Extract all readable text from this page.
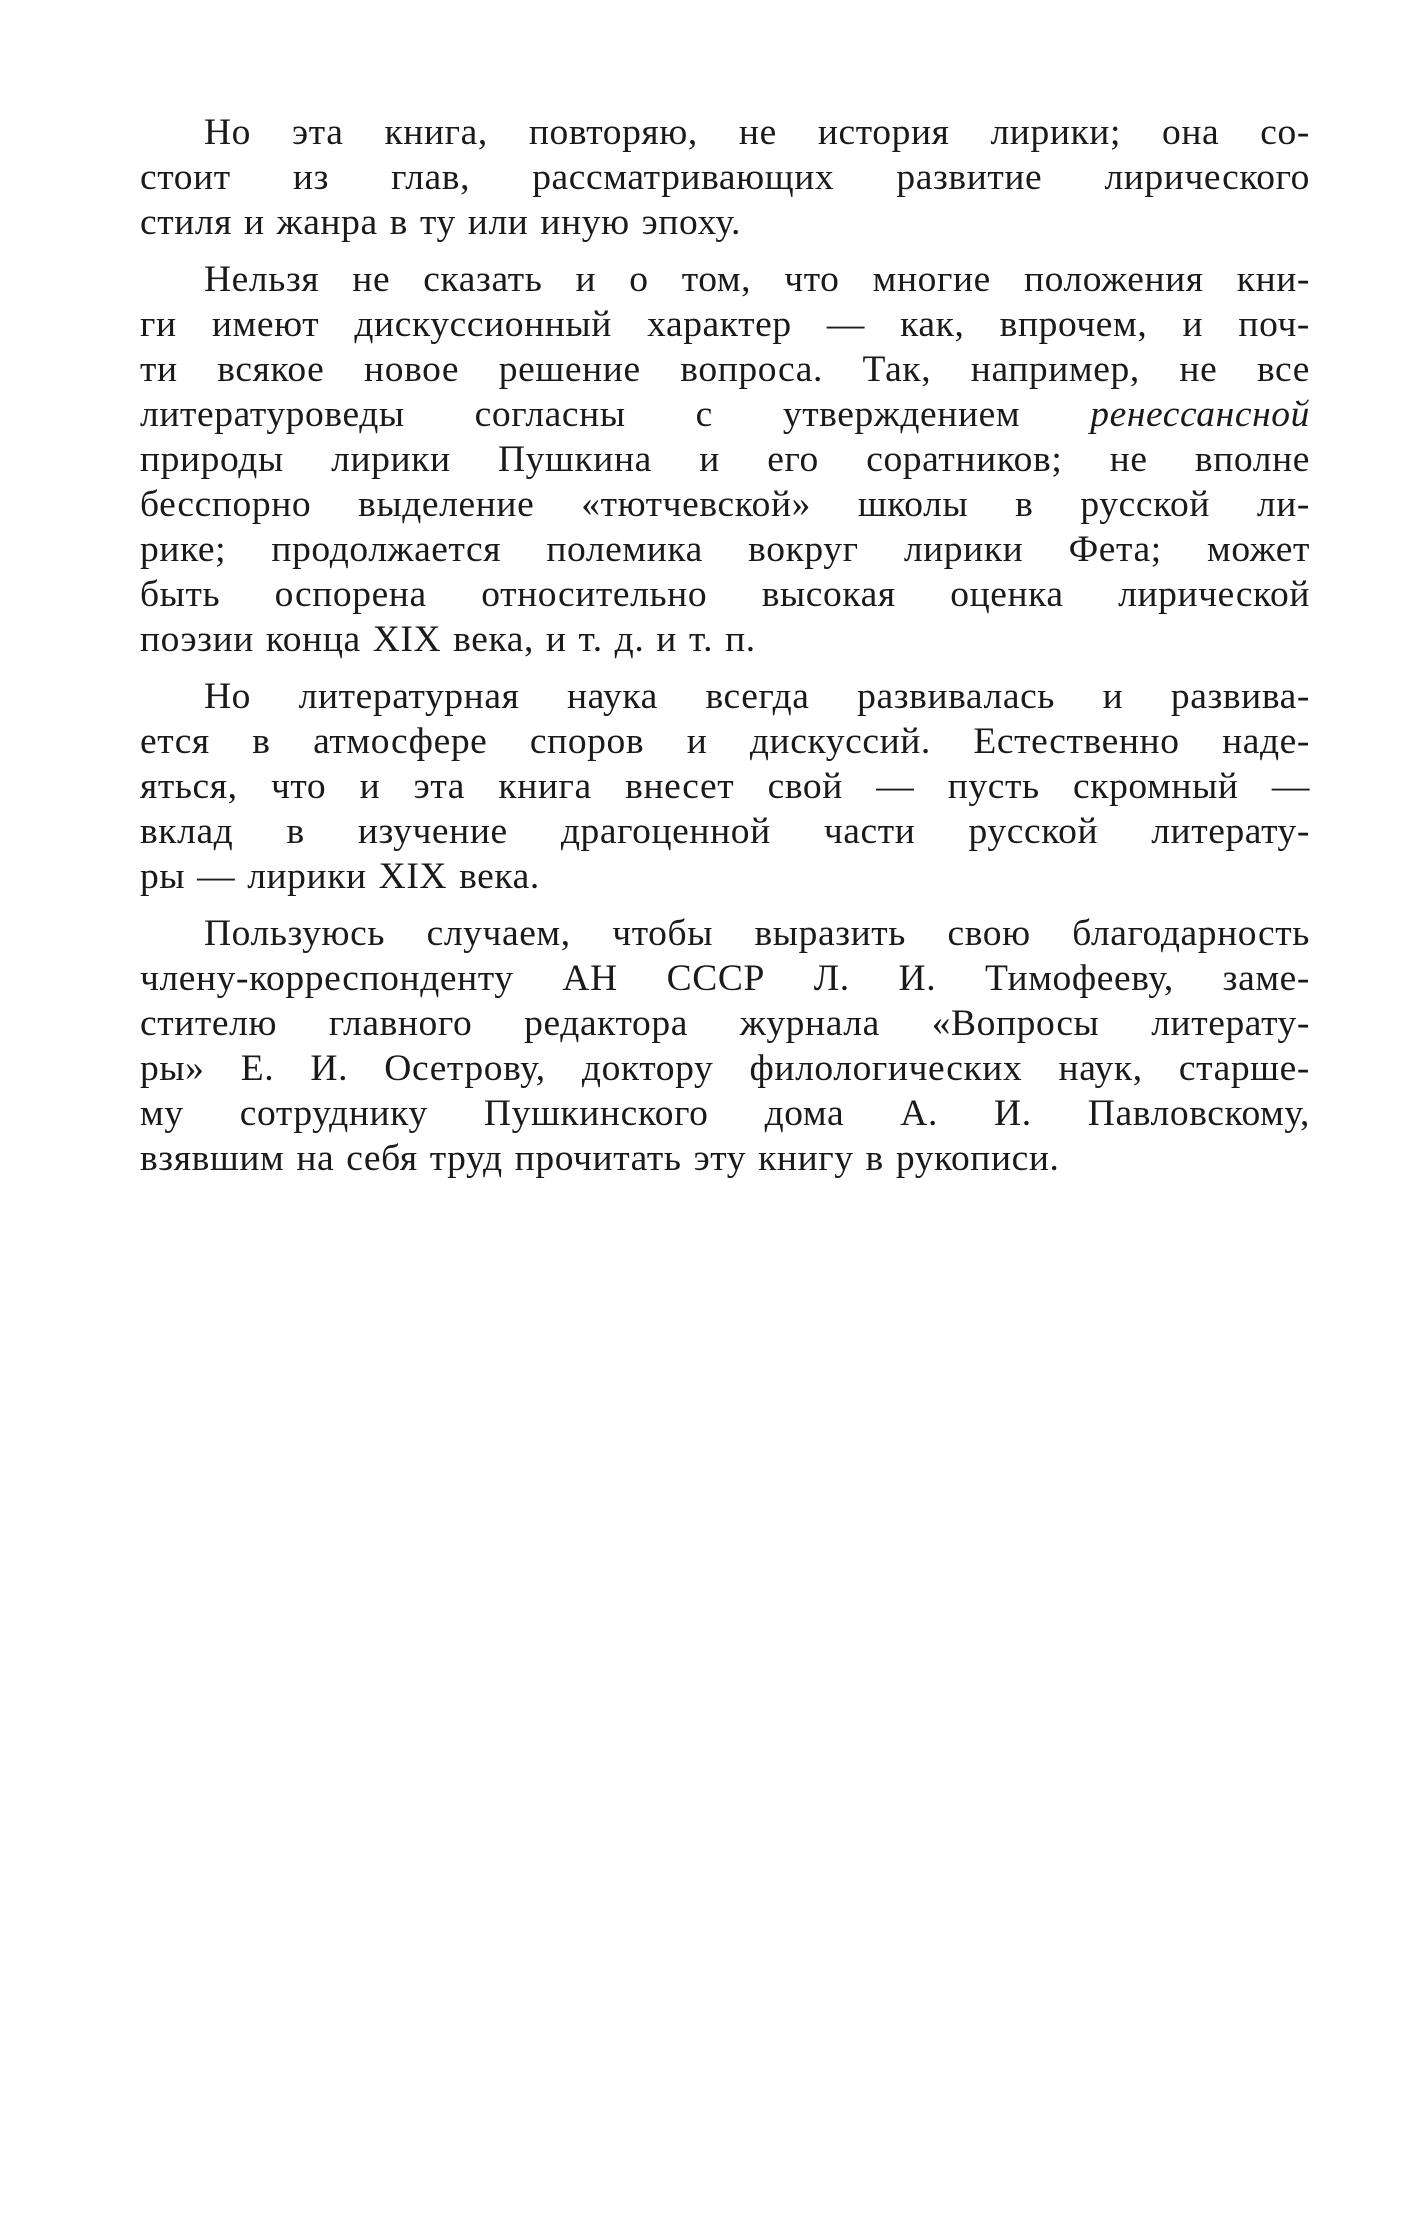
Но эта книга, повторяю, не история лирики; она со-
стоит из глав, рассматривающих развитие лирического
стиля и жанра в ту или иную эпоху.
Нельзя не сказать и о том, что многие положения кни-
ги имеют дискуссионный характер — как, впрочем, и поч-
ти всякое новое решение вопроса. Так, например, не все
литературоведы согласны с утверждением ренессансной
природы лирики Пушкина и его соратников; не вполне
бесспорно выделение «тютчевской» школы в русской ли-
рике; продолжается полемика вокруг лирики Фета; может
быть оспорена относительно высокая оценка лирической
поэзии конца XIX века, и т. д. и т. п.
Но литературная наука всегда развивалась и развива-
ется в атмосфере споров и дискуссий. Естественно наде-
яться, что и эта книга внесет свой — пусть скромный —
вклад в изучение драгоценной части русской литерату-
ры — лирики XIX века.
Пользуюсь случаем, чтобы выразить свою благодарность
члену-корреспонденту АН СССР Л. И. Тимофееву, заме-
стителю главного редактора журнала «Вопросы литерату-
ры» Е. И. Осетрову, доктору филологических наук, старше-
му сотруднику Пушкинского дома А. И. Павловскому,
взявшим на себя труд прочитать эту книгу в рукописи.
